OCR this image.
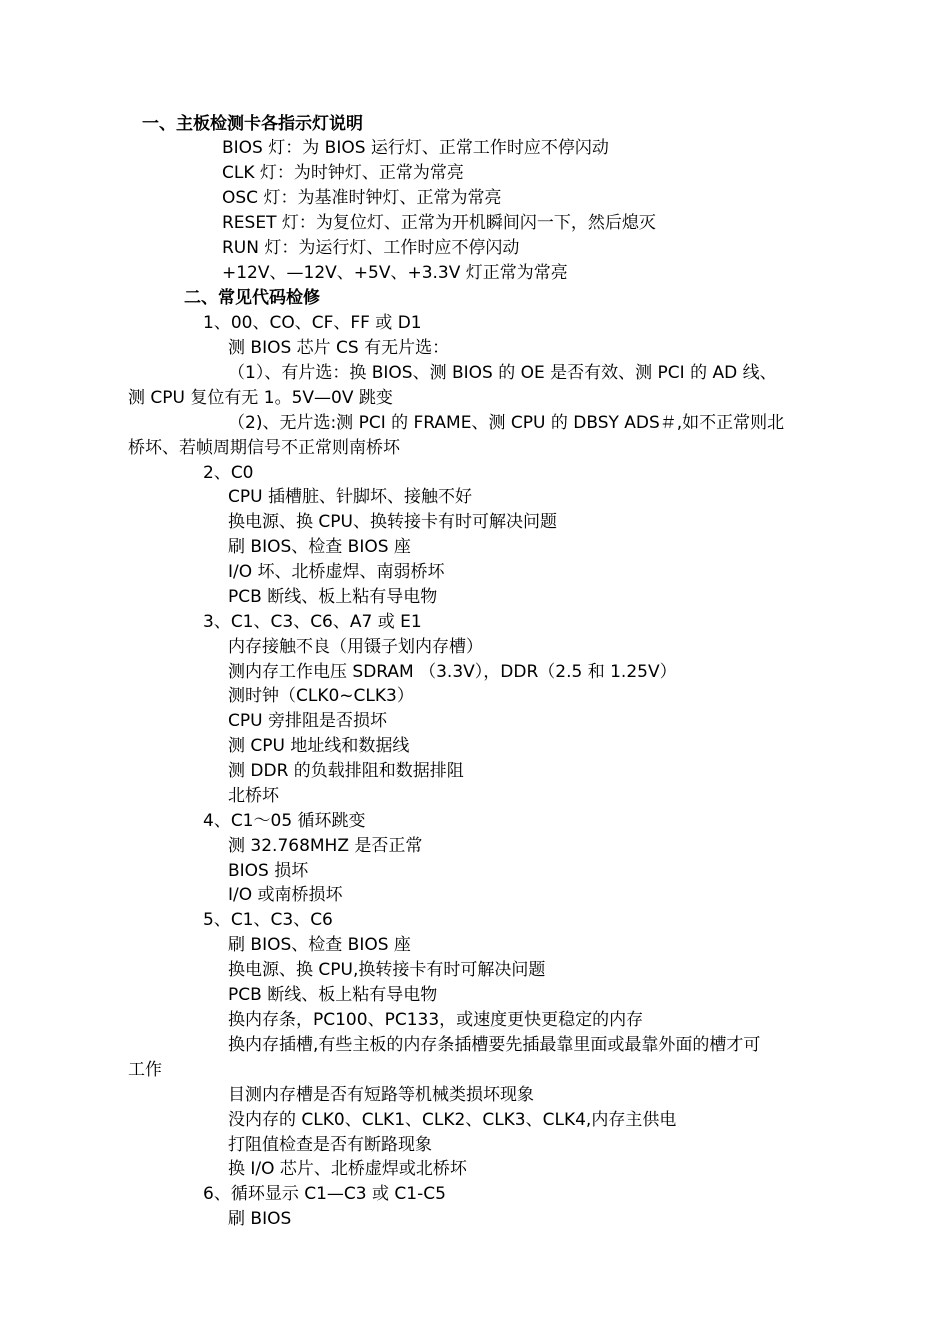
一、主板检测卡各指示灯说明
BIOS 灯：为 BIOS 运行灯、正常工作时应不停闪动
CLK 灯：为时钟灯、正常为常亮
OSC 灯：为基准时钟灯、正常为常亮
RESET 灯：为复位灯、正常为开机瞬间闪一下，然后熄灭
RUN 灯：为运行灯、工作时应不停闪动
+12V、—12V、+5V、+3.3V 灯正常为常亮
二、常见代码检修
1、00、CO、CF、FF 或 D1
测 BIOS 芯片 CS 有无片选：
（1）、有片选：换 BIOS、测 BIOS 的 OE 是否有效、测 PCI 的 AD 线、
测 CPU 复位有无 1。5V—0V 跳变
（2)、无片选:测 PCI 的 FRAME、测 CPU 的 DBSY ADS＃,如不正常则北
桥坏、若帧周期信号不正常则南桥坏
2、C0
CPU 插槽脏、针脚坏、接触不好
换电源、换 CPU、换转接卡有时可解决问题
刷 BIOS、检查 BIOS 座
I/O 坏、北桥虚焊、南弱桥坏
PCB 断线、板上粘有导电物
3、C1、C3、C6、A7 或 E1
内存接触不良（用镊子划内存槽）
测内存工作电压 SDRAM （3.3V），DDR（2.5 和 1.25V）
测时钟（CLK0~CLK3）
CPU 旁排阻是否损坏
测 CPU 地址线和数据线
测 DDR 的负载排阻和数据排阻
北桥坏
4、C1～05 循环跳变
测 32.768MHZ 是否正常
BIOS 损坏
I/O 或南桥损坏
5、C1、C3、C6
刷 BIOS、检查 BIOS 座
换电源、换 CPU,换转接卡有时可解决问题
PCB 断线、板上粘有导电物
换内存条，PC100、PC133，或速度更快更稳定的内存
换内存插槽,有些主板的内存条插槽要先插最靠里面或最靠外面的槽才可
工作
目测内存槽是否有短路等机械类损坏现象
没内存的 CLK0、CLK1、CLK2、CLK3、CLK4,内存主供电
打阻值检查是否有断路现象
换 I/O 芯片、北桥虚焊或北桥坏
6、循环显示 C1—C3 或 C1-C5
刷 BIOS
